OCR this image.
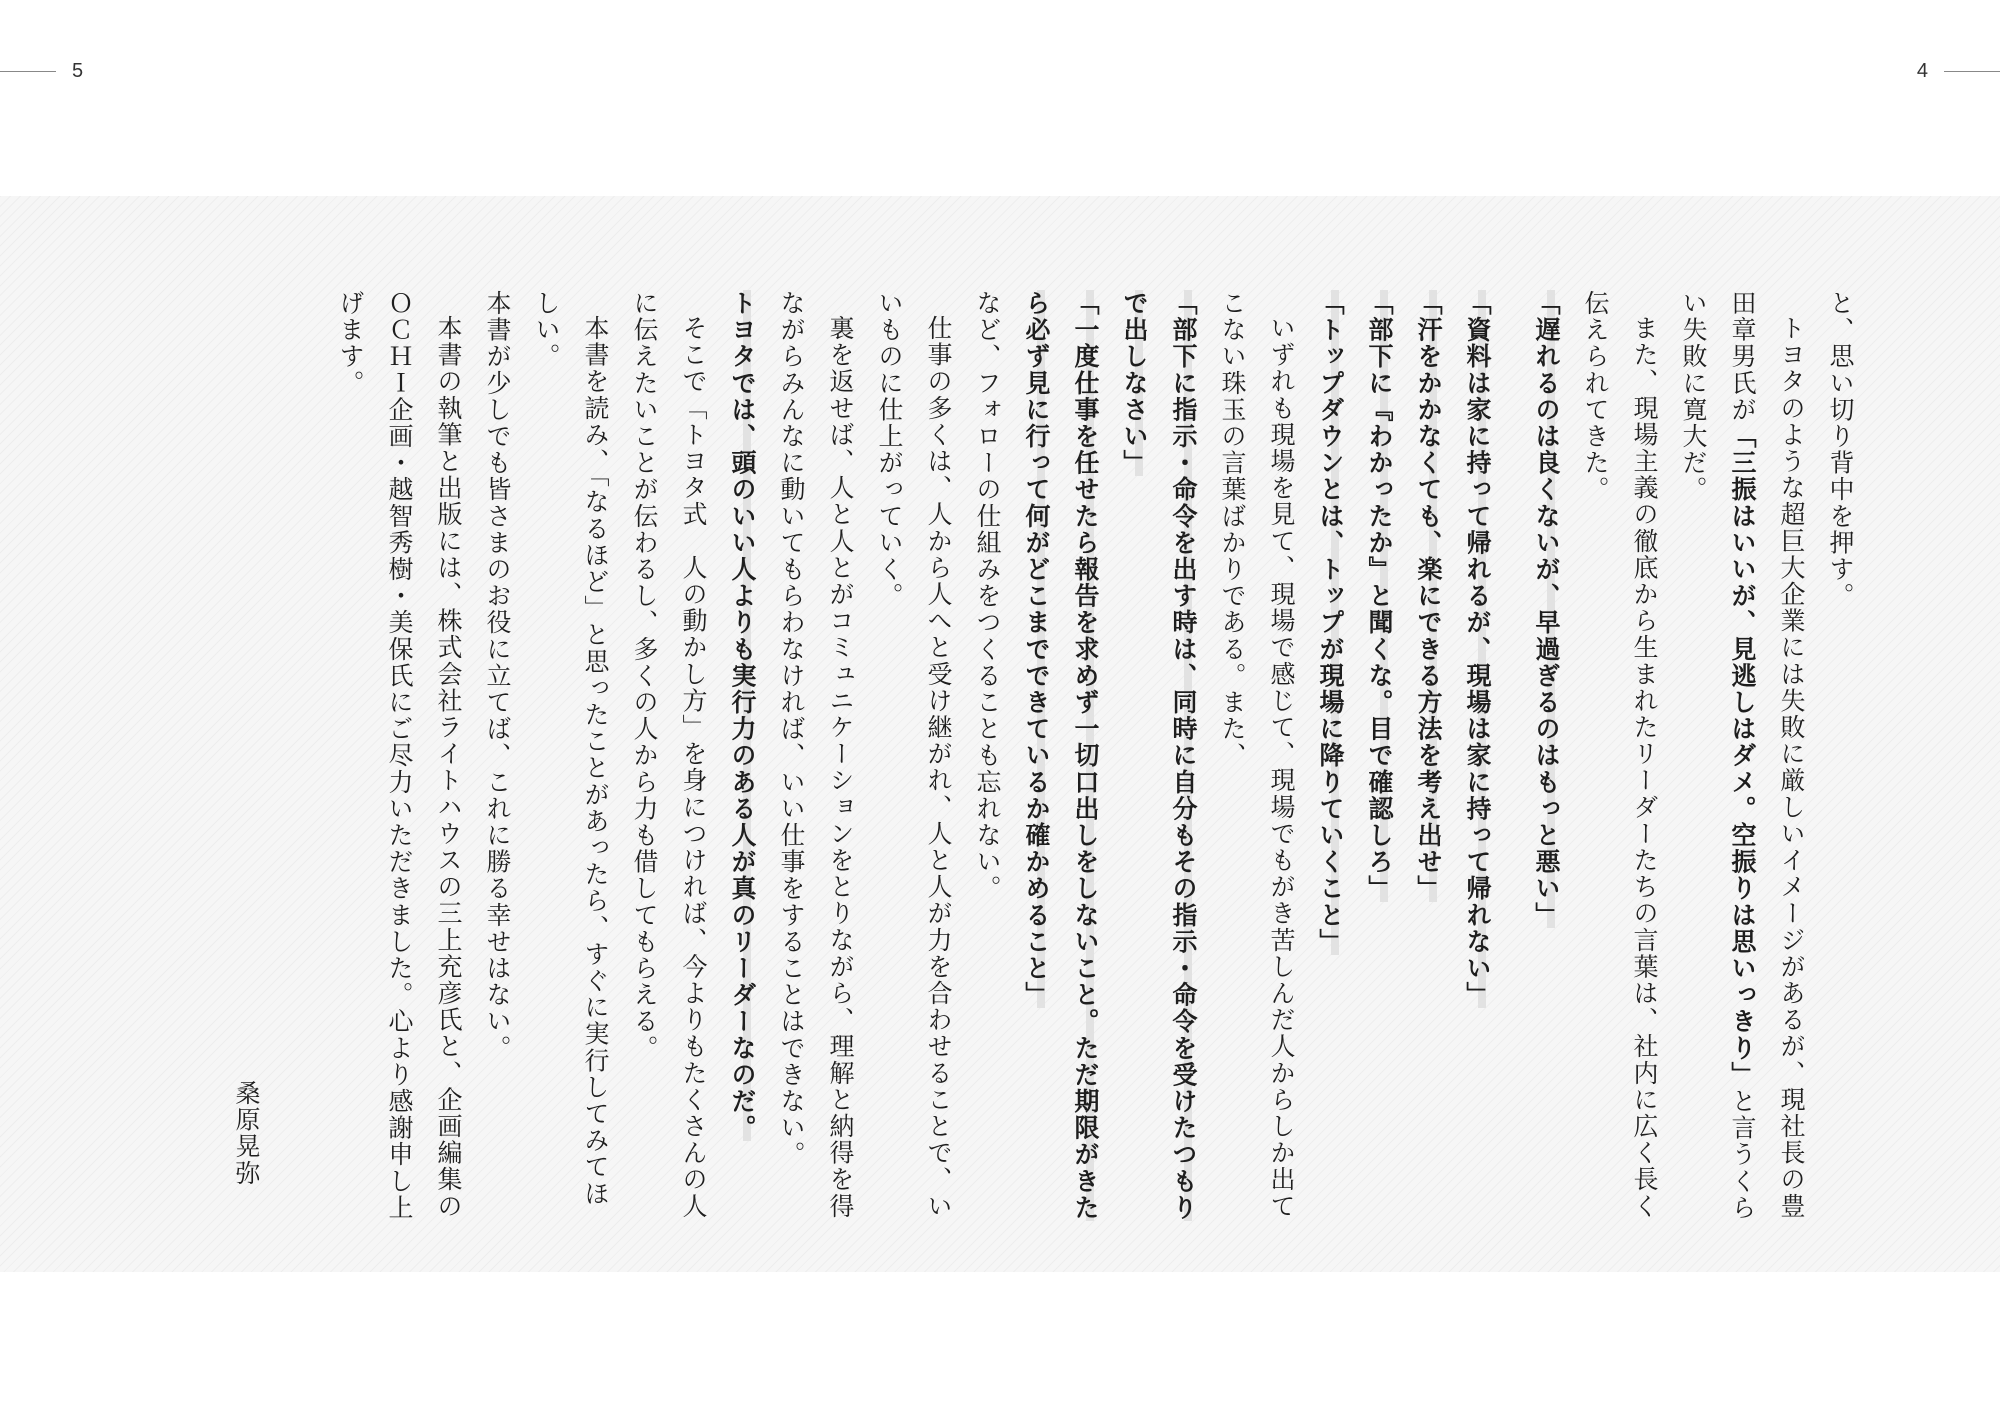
5	4

と、思い切り背中を押す。

トヨタのような超巨大企業には失敗に厳しいイメージがあるが、現社長の豊田章男氏が「三振はいいが、見逃しはダメ。空振りは思いっきり」と言うくらい失敗に寛大だ。

また、現場主義の徹底から生まれたリーダーたちの言葉は、社内に広く長く伝えられてきた。

「遅れるのは良くないが、早過ぎるのはもっと悪い」

「資料は家に持って帰れるが、現場は家に持って帰れない」

「汗をかかなくても、楽にできる方法を考え出せ」

「部下に『わかったか』と聞くな。目で確認しろ」

「トップダウンとは、トップが現場に降りていくこと」

いずれも現場を見て、現場で感じて、現場でもがき苦しんだ人からしか出てこない珠玉の言葉ばかりである。また、

「部下に指示・命令を出す時は、同時に自分もその指示・命令を受けたつもりで出しなさい」

「一度仕事を任せたら報告を求めず一切口出しをしないこと。ただ期限がきたら必ず見に行って何がどこまでできているか確かめること」

など、フォローの仕組みをつくることも忘れない。

仕事の多くは、人から人へと受け継がれ、人と人が力を合わせることで、いいものに仕上がっていく。

裏を返せば、人と人とがコミュニケーションをとりながら、理解と納得を得ながらみんなに動いてもらわなければ、いい仕事をすることはできない。

トヨタでは、頭のいい人よりも実行力のある人が真のリーダーなのだ。

そこで「トヨタ式　人の動かし方」を身につければ、今よりもたくさんの人に伝えたいことが伝わるし、多くの人から力も借してもらえる。

本書を読み、「なるほど」と思ったことがあったら、すぐに実行してみてほしい。

本書が少しでも皆さまのお役に立てば、これに勝る幸せはない。

本書の執筆と出版には、株式会社ライトハウスの三上充彦氏と、企画編集のＯＣＨＩ企画・越智秀樹・美保氏にご尽力いただきました。心より感謝申し上げます。

桑原晃弥
